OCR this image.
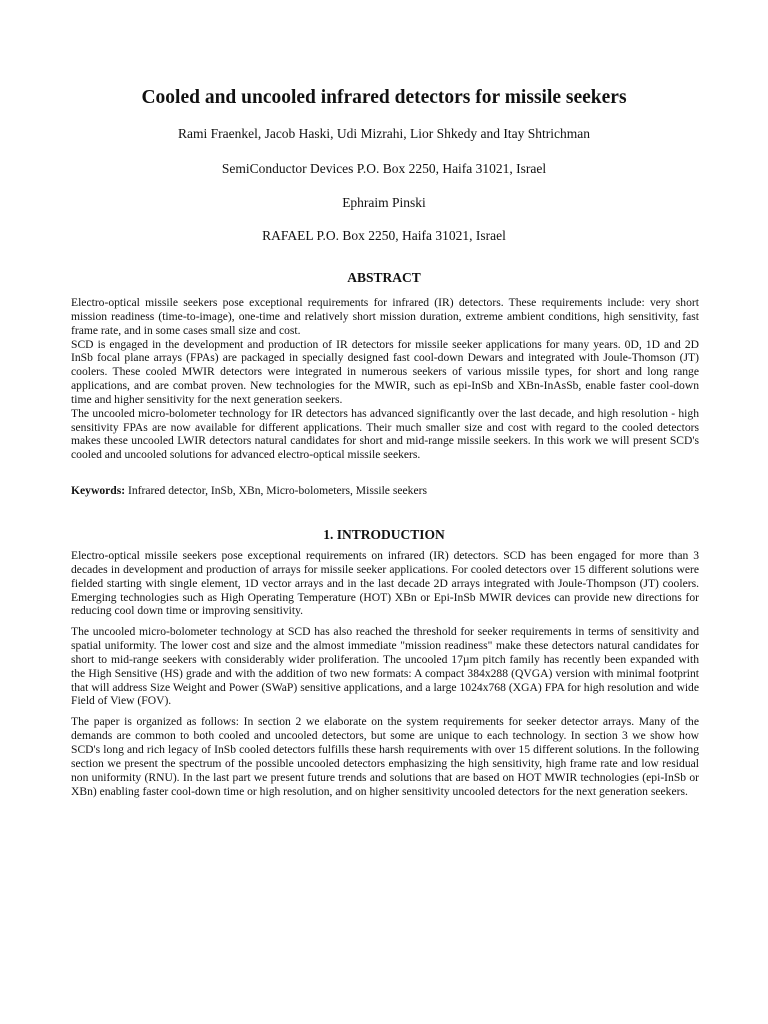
Cooled and uncooled infrared detectors for missile seekers

Rami Fraenkel, Jacob Haski, Udi Mizrahi, Lior Shkedy and Itay Shtrichman

SemiConductor Devices P.O. Box 2250, Haifa 31021, Israel

Ephraim Pinski

RAFAEL P.O. Box 2250, Haifa 31021, Israel

ABSTRACT

Electro-optical missile seekers pose exceptional requirements for infrared (IR) detectors. These requirements include: very short mission readiness (time-to-image), one-time and relatively short mission duration, extreme ambient conditions, high sensitivity, fast frame rate, and in some cases small size and cost.

SCD is engaged in the development and production of IR detectors for missile seeker applications for many years. 0D, 1D and 2D InSb focal plane arrays (FPAs) are packaged in specially designed fast cool-down Dewars and integrated with Joule-Thomson (JT) coolers. These cooled MWIR detectors were integrated in numerous seekers of various missile types, for short and long range applications, and are combat proven. New technologies for the MWIR, such as epi-InSb and XBn-InAsSb, enable faster cool-down time and higher sensitivity for the next generation seekers.

The uncooled micro-bolometer technology for IR detectors has advanced significantly over the last decade, and high resolution - high sensitivity FPAs are now available for different applications. Their much smaller size and cost with regard to the cooled detectors makes these uncooled LWIR detectors natural candidates for short and mid-range missile seekers. In this work we will present SCD's cooled and uncooled solutions for advanced electro-optical missile seekers.

Keywords: Infrared detector, InSb, XBn, Micro-bolometers, Missile seekers

1. INTRODUCTION

Electro-optical missile seekers pose exceptional requirements on infrared (IR) detectors. SCD has been engaged for more than 3 decades in development and production of arrays for missile seeker applications. For cooled detectors over 15 different solutions were fielded starting with single element, 1D vector arrays and in the last decade 2D arrays integrated with Joule-Thompson (JT) coolers. Emerging technologies such as High Operating Temperature (HOT) XBn or Epi-InSb MWIR devices can provide new directions for reducing cool down time or improving sensitivity.

The uncooled micro-bolometer technology at SCD has also reached the threshold for seeker requirements in terms of sensitivity and spatial uniformity. The lower cost and size and the almost immediate "mission readiness" make these detectors natural candidates for short to mid-range seekers with considerably wider proliferation. The uncooled 17µm pitch family has recently been expanded with the High Sensitive (HS) grade and with the addition of two new formats: A compact 384x288 (QVGA) version with minimal footprint that will address Size Weight and Power (SWaP) sensitive applications, and a large 1024x768 (XGA) FPA for high resolution and wide Field of View (FOV).

The paper is organized as follows: In section 2 we elaborate on the system requirements for seeker detector arrays. Many of the demands are common to both cooled and uncooled detectors, but some are unique to each technology. In section 3 we show how SCD's long and rich legacy of InSb cooled detectors fulfills these harsh requirements with over 15 different solutions. In the following section we present the spectrum of the possible uncooled detectors emphasizing the high sensitivity, high frame rate and low residual non uniformity (RNU). In the last part we present future trends and solutions that are based on HOT MWIR technologies (epi-InSb or XBn) enabling faster cool-down time or high resolution, and on higher sensitivity uncooled detectors for the next generation seekers.
